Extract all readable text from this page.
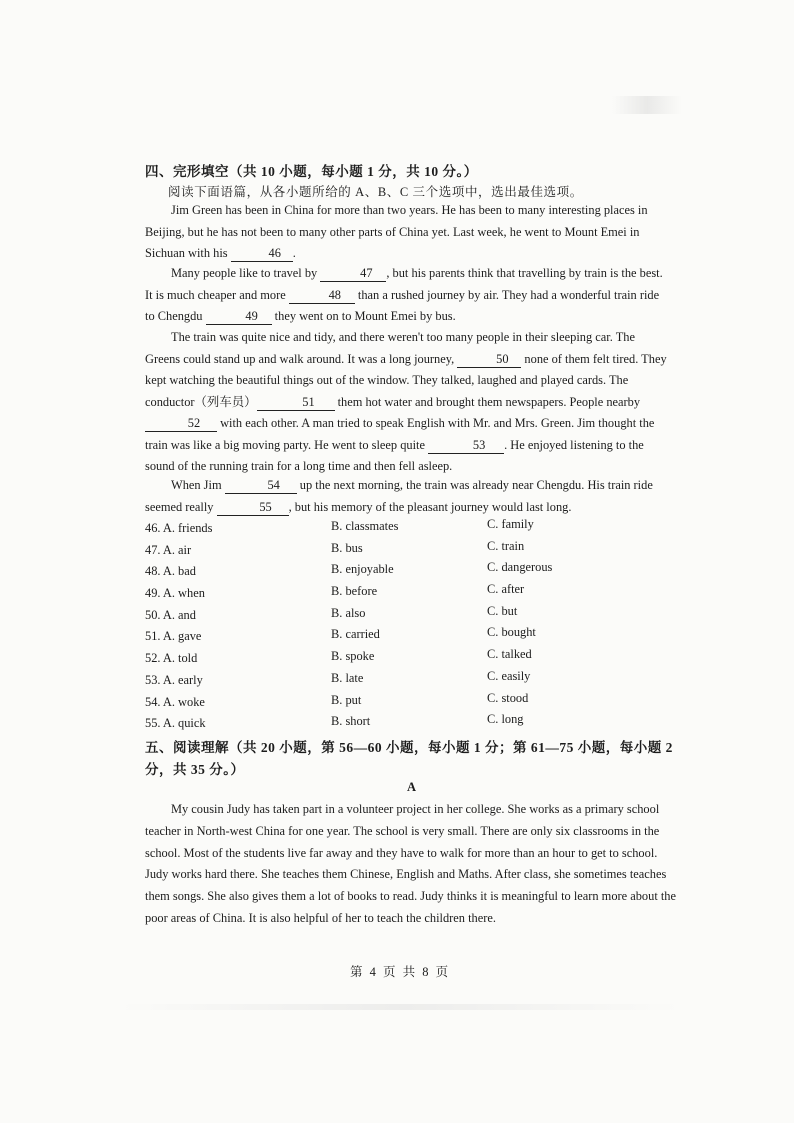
四、完形填空（共 10 小题，每小题 1 分，共 10 分。）
阅读下面语篇，从各小题所给的 A、B、C 三个选项中，选出最佳选项。
Jim Green has been in China for more than two years. He has been to many interesting places in Beijing, but he has not been to many other parts of China yet. Last week, he went to Mount Emei in Sichuan with his	46 .
Many people like to travel by	47 , but his parents think that travelling by train is the best. It is much cheaper and more	48 than a rushed journey by air. They had a wonderful train ride to Chengdu	49 they went on to Mount Emei by bus.
The train was quite nice and tidy, and there weren't too many people in their sleeping car. The Greens could stand up and walk around. It was a long journey,	50 none of them felt tired. They kept watching the beautiful things out of the window. They talked, laughed and played cards. The conductor（列车员）	51 them hot water and brought them newspapers. People nearby 52 with each other. A man tried to speak English with Mr. and Mrs. Green. Jim thought the train was like a big moving party. He went to sleep quite	53 . He enjoyed listening to the sound of the running train for a long time and then fell asleep.
When Jim	54 up the next morning, the train was already near Chengdu. His train ride seemed really	55 , but his memory of the pleasant journey would last long.
46. A. friends	B. classmates	C. family
47. A. air	B. bus	C. train
48. A. bad	B. enjoyable	C. dangerous
49. A. when	B. before	C. after
50. A. and	B. also	C. but
51. A. gave	B. carried	C. bought
52. A. told	B. spoke	C. talked
53. A. early	B. late	C. easily
54. A. woke	B. put	C. stood
55. A. quick	B. short	C. long
五、阅读理解（共 20 小题，第 56—60 小题，每小题 1 分；第 61—75 小题，每小题 2 分，共 35 分。）
A
My cousin Judy has taken part in a volunteer project in her college. She works as a primary school teacher in North-west China for one year. The school is very small. There are only six classrooms in the school. Most of the students live far away and they have to walk for more than an hour to get to school. Judy works hard there. She teaches them Chinese, English and Maths. After class, she sometimes teaches them songs. She also gives them a lot of books to read. Judy thinks it is meaningful to learn more about the poor areas of China. It is also helpful of her to teach the children there.
第 4 页 共 8 页
